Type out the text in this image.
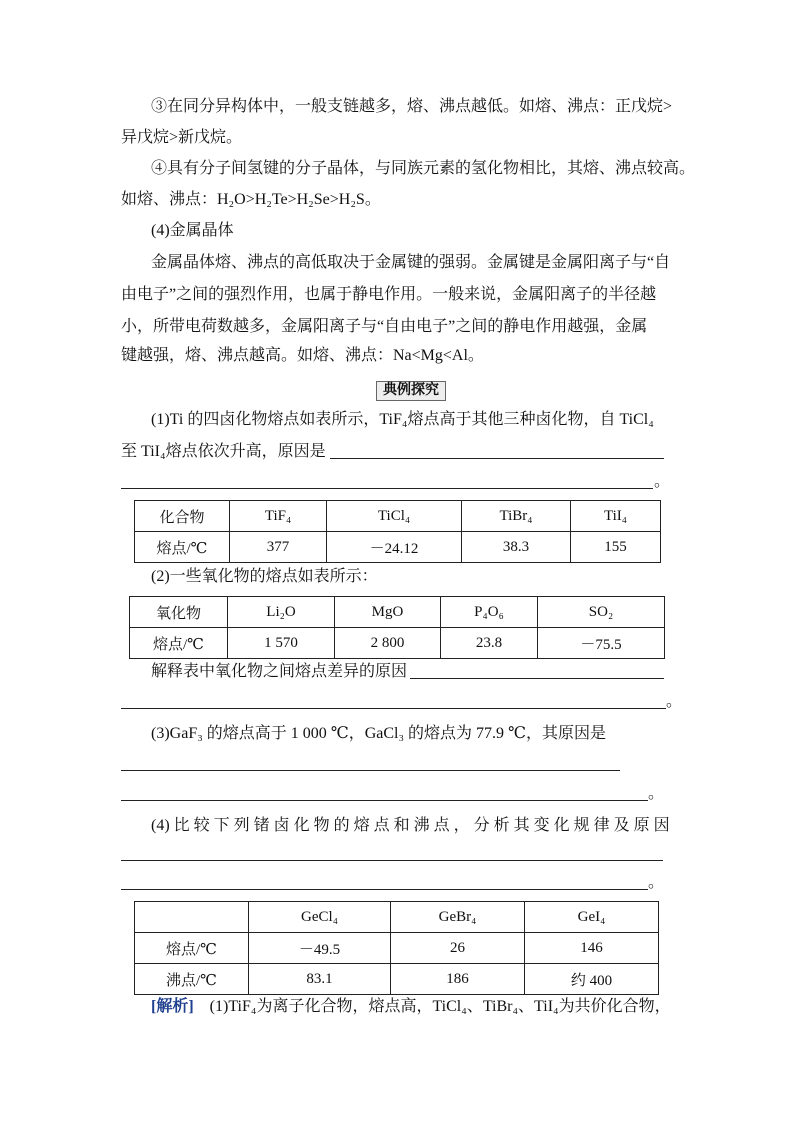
③在同分异构体中，一般支链越多，熔、沸点越低。如熔、沸点：正戊烷>
异戊烷>新戊烷。
④具有分子间氢键的分子晶体，与同族元素的氢化物相比，其熔、沸点较高。
如熔、沸点：H₂O>H₂Te>H₂Se>H₂S。
(4)金属晶体
金属晶体熔、沸点的高低取决于金属键的强弱。金属键是金属阳离子与“自
由电子”之间的强烈作用，也属于静电作用。一般来说，金属阳离子的半径越
小，所带电荷数越多，金属阳离子与“自由电子”之间的静电作用越强，金属
键越强，熔、沸点越高。如熔、沸点：Na<Mg<Al。
典例探究
(1)Ti 的四卤化物熔点如表所示，TiF₄熔点高于其他三种卤化物，自 TiCl₄
至 TiI₄熔点依次升高，原因是
。
化合物	TiF₄	TiCl₄	TiBr₄	TiI₄
熔点/℃	377	－24.12	38.3	155
(2)一些氧化物的熔点如表所示：
氧化物	Li₂O	MgO	P₄O₆	SO₂
熔点/℃	1 570	2 800	23.8	－75.5
解释表中氧化物之间熔点差异的原因
。
(3)GaF₃ 的熔点高于 1 000 ℃，GaCl₃ 的熔点为 77.9 ℃，其原因是
。
(4) 比 较 下 列 锗 卤 化 物 的 熔 点 和 沸 点 ， 分 析 其 变 化 规 律 及 原 因
。
	GeCl₄	GeBr₄	GeI₄
熔点/℃	－49.5	26	146
沸点/℃	83.1	186	约 400
[解析] (1)TiF₄为离子化合物，熔点高，TiCl₄、TiBr₄、TiI₄为共价化合物，
